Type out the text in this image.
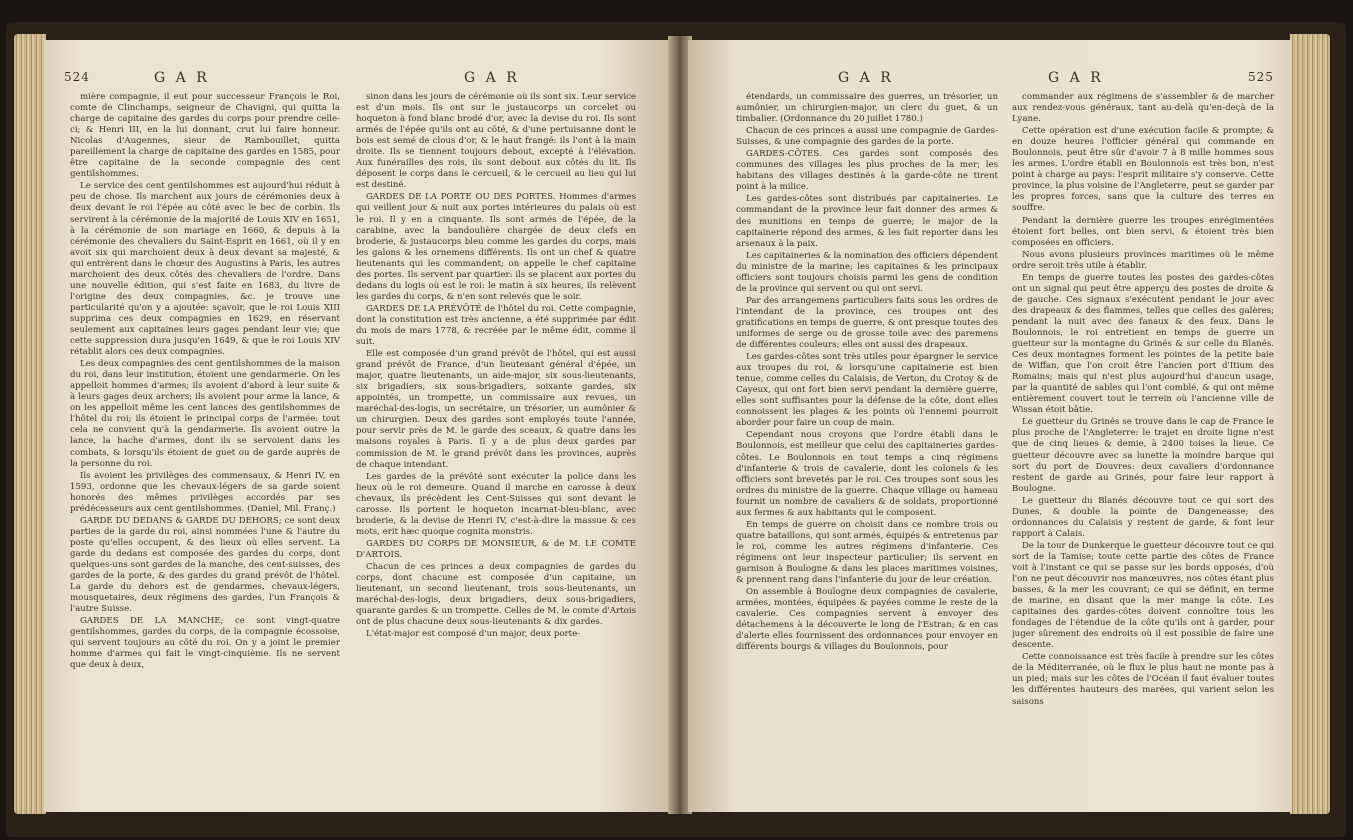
524	G A R	G A R

mière compagnie, il eut pour successeur François le Roi, comte de Clinchamps, seigneur de Chavigni, qui quitta la charge de capitaine des gardes du corps pour prendre celle-ci; & Henri III, en la lui donnant, crut lui faire honneur. Nicolas d'Augennes, sieur de Rambouillet, quitta pareillement la charge de capitaine des gardes en 1585, pour être capitaine de la seconde compagnie des cent gentilshommes.

Le service des cent gentilshommes est aujourd'hui réduit à peu de chose. Ils marchent aux jours de cérémonies deux à deux devant le roi l'épée au côté avec le bec de corbin. Ils servirent à la cérémonie de la majorité de Louis XIV en 1651, à la cérémonie de son mariage en 1660, & depuis à la cérémonie des chevaliers du Saint-Esprit en 1661, où il y en avoit six qui marchoient deux à deux devant sa majesté, & qui entrèrent dans le chœur des Augustins à Paris, les autres marchoient des deux côtés des chevaliers de l'ordre. Dans une nouvelle édition, qui s'est faite en 1683, du livre de l'origine des deux compagnies, &c. je trouve une particularité qu'on y a ajoutée: sçavoir, que le roi Louis XIII supprima ces deux compagnies en 1629, en réservant seulement aux capitaines leurs gages pendant leur vie; que cette suppression dura jusqu'en 1649, & que le roi Louis XIV rétablit alors ces deux compagnies.

Les deux compagnies des cent gentilshommes de la maison du roi, dans leur institution, étoient une gendarmerie. On les appelloit hommes d'armes; ils avoient d'abord à leur suite & à leurs gages deux archers; ils avoient pour arme la lance, & on les appelloit même les cent lances des gentilshommes de l'hôtel du roi; ils étoient le principal corps de l'armée: tout cela ne convient qu'à la gendarmerie. Ils avoient outre la lance, la hache d'armes, dont ils se servoient dans les combats, & lorsqu'ils étoient de guet ou de garde auprès de la personne du roi.

Ils avoient les privilèges des commensaux, & Henri IV, en 1593, ordonne que les chevaux-légers de sa garde soient honorés des mêmes privilèges accordés par ses prédécesseurs aux cent gentilshommes. (Daniel, Mil. Franç.)

GARDE DU DEDANS & GARDE DU DEHORS; ce sont deux parties de la garde du roi, ainsi nommées l'une & l'autre du poste qu'elles occupent, & des lieux où elles servent. La garde du dedans est composée des gardes du corps, dont quelques-uns sont gardes de la manche, des cent-suisses, des gardes de la porte, & des gardes du grand prévôt de l'hôtel. La garde du dehors est de gendarmes, chevaux-légers, mousquetaires, deux régimens des gardes, l'un François & l'autre Suisse.

GARDES DE LA MANCHE; ce sont vingt-quatre gentilshommes, gardes du corps, de la compagnie écossoise, qui servent toujours au côté du roi. On y a joint le premier homme d'armes qui fait le vingt-cinquième. Ils ne servent que deux à deux,

sinon dans les jours de cérémonie où ils sont six. Leur service est d'un mois. Ils ont sur le justaucorps un corcelet ou hoqueton à fond blanc brodé d'or, avec la devise du roi. Ils sont armés de l'épée qu'ils ont au côté, & d'une pertuisanne dont le bois est semé de clous d'or, & le haut frangé: ils l'ont à la main droite. Ils se tiennent toujours debout, excepté à l'élévation. Aux funérailles des rois, ils sont debout aux côtés du lit. Ils déposent le corps dans le cercueil, & le cercueil au lieu qui lui est destiné.

GARDES DE LA PORTE OU DES PORTES. Hommes d'armes qui veillent jour & nuit aux portes intérieures du palais où est le roi. Il y en a cinquante. Ils sont armés de l'épée, de la carabine, avec la bandoulière chargée de deux clefs en broderie, & justaucorps bleu comme les gardes du corps, mais les galons & les ornemens différents. Ils ont un chef & quatre lieutenants qui les commandent; on appelle le chef capitaine des portes. Ils servent par quartier: ils se placent aux portes du dedans du logis où est le roi: le matin à six heures, ils relèvent les gardes du corps, & n'en sont relevés que le soir.

GARDES DE LA PRÉVÔTÉ de l'hôtel du roi. Cette compagnie, dont la constitution est très ancienne, a été supprimée par édit du mois de mars 1778, & recréée par le même édit, comme il suit.

Elle est composée d'un grand prévôt de l'hôtel, qui est aussi grand prévôt de France, d'un lieutenant général d'épée, un major, quatre lieutenants, un aide-major, six sous-lieutenants, six brigadiers, six sous-brigadiers, soixante gardes, six appointés, un trompette, un commissaire aux revues, un maréchal-des-logis, un secrétaire, un trésorier, un aumônier & un chirurgien. Deux des gardes sont employés toute l'année, pour servir près de M. le garde des sceaux, & quatre dans les maisons royales à Paris. Il y a de plus deux gardes par commission de M. le grand prévôt dans les provinces, auprès de chaque intendant.

Les gardes de la prévôté sont exécuter la police dans les lieux où le roi demeure. Quand il marche en carosse à deux chevaux, ils précèdent les Cent-Suisses qui sont devant le carosse. Ils portent le hoqueton incarnat-bleu-blanc, avec broderie, & la devise de Henri IV, c'est-à-dire la massue & ces mots, erit hæc quoque cognita monstris.

GARDES DU CORPS DE MONSIEUR, & de M. LE COMTE D'ARTOIS.

Chacun de ces princes a deux compagnies de gardes du corps, dont chacune est composée d'un capitaine, un lieutenant, un second lieutenant, trois sous-lieutenants, un maréchal-des-logis, deux brigadiers, deux sous-brigadiers, quarante gardes & un trompette. Celles de M. le comte d'Artois ont de plus chacune deux sous-lieutenants & dix gardes.

L'état-major est composé d'un major, deux porte-

G A R	G A R	525

étendards, un commissaire des guerres, un trésorier, un aumônier, un chirurgien-major, un clerc du guet, & un timbalier. (Ordonnance du 20 juillet 1780.)

Chacun de ces princes a aussi une compagnie de Gardes-Suisses, & une compagnie des gardes de la porte.

GARDES-CÔTES. Ces gardes sont composés des communes des villages les plus proches de la mer; les habitans des villages destinés à la garde-côte ne tirent point à la milice.

Les gardes-côtes sont distribués par capitaineries. Le commandant de la province leur fait donner des armes & des munitions en temps de guerre; le major de la capitainerie répond des armes, & les fait reporter dans les arsenaux à la paix.

Les capitaineries & la nomination des officiers dépendent du ministre de la marine; les capitaines & les principaux officiers sont toujours choisis parmi les gens de condition de la province qui servent ou qui ont servi.

Par des arrangemens particuliers faits sous les ordres de l'intendant de la province, ces troupes ont des gratifications en temps de guerre, & ont presque toutes des uniformes de serge ou de grosse toile avec des paremens de différentes couleurs; elles ont aussi des drapeaux.

Les gardes-côtes sont très utiles pour épargner le service aux troupes du roi, & lorsqu'une capitainerie est bien tenue, comme celles du Calaisis, de Verton, du Crotoy & de Cayeux, qui ont fort bien servi pendant la dernière guerre, elles sont suffisantes pour la défense de la côte, dont elles connoissent les plages & les points où l'ennemi pourroit aborder pour faire un coup de main.

Cependant nous croyons que l'ordre établi dans le Boulonnois, est meilleur que celui des capitaineries gardes-côtes. Le Boulonnois en tout temps a cinq régimens d'infanterie & trois de cavalerie, dont les colonels & les officiers sont brevetés par le roi. Ces troupes sont sous les ordres du ministre de la guerre. Chaque village ou hameau fournit un nombre de cavaliers & de soldats, proportionné aux fermes & aux habitants qui le composent.

En temps de guerre on choisit dans ce nombre trois ou quatre bataillons, qui sont armés, équipés & entretenus par le roi, comme les autres régimens d'infanterie. Ces régimens ont leur inspecteur particulier; ils servent en garnison à Boulogne & dans les places maritimes voisines, & prennent rang dans l'infanterie du jour de leur création.

On assemble à Boulogne deux compagnies de cavalerie, armées, montées, équipées & payées comme le reste de la cavalerie. Ces compagnies servent à envoyer des détachemens à la découverte le long de l'Estran; & en cas d'alerte elles fournissent des ordonnances pour envoyer en différents bourgs & villages du Boulonnois, pour

commander aux régimens de s'assembler & de marcher aux rendez-vous généraux, tant au-delà qu'en-deçà de la Lyane.

Cette opération est d'une exécution facile & prompte; & en douze heures l'officier général qui commande en Boulonnois, peut être sûr d'avoir 7 à 8 mille hommes sous les armes. L'ordre établi en Boulonnois est très bon, n'est point à charge au pays: l'esprit militaire s'y conserve. Cette province, la plus voisine de l'Angleterre, peut se garder par les propres forces, sans que la culture des terres en souffre.

Pendant la dernière guerre les troupes enrégimentées étoient fort belles, ont bien servi, & étoient très bien composées en officiers.

Nous avons plusieurs provinces maritimes où le même ordre seroit très utile à établir.

En temps de guerre toutes les postes des gardes-côtes ont un signal qui peut être apperçu des postes de droite & de gauche. Ces signaux s'exécutent pendant le jour avec des drapeaux & des flammes, telles que celles des galères; pendant la nuit avec des fanaux & des feux. Dans le Boulonnois, le roi entretient en temps de guerre un guetteur sur la montagne du Grinés & sur celle du Blanés. Ces deux montagnes forment les pointes de la petite baie de Wiffan, que l'on croit être l'ancien port d'Itium des Romains; mais qui n'est plus aujourd'hui d'aucun usage, par la quantité de sables qui l'ont comblé, & qui ont même entièrement couvert tout le terrein où l'ancienne ville de Wissan étoit bâtie.

Le guetteur du Grinés se trouve dans le cap de France le plus proche de l'Angleterre: le trajet en droite ligne n'est que de cinq lieues & demie, à 2400 toises la lieue. Ce guetteur découvre avec sa lunette la moindre barque qui sort du port de Douvres: deux cavaliers d'ordonnance restent de garde au Grinés, pour faire leur rapport à Boulogne.

Le guetteur du Blanés découvre tout ce qui sort des Dunes, & double la pointe de Dangeneasse; des ordonnances du Calaisis y restent de garde, & font leur rapport à Calais.

De la tour de Dunkerque le guetteur découvre tout ce qui sort de la Tamise; toute cette partie des côtes de France voit à l'instant ce qui se passe sur les bords opposés, d'où l'on ne peut découvrir nos manœuvres, nos côtes étant plus basses, & la mer les couvrant; ce qui se définit, en terme de marine, en disant que la mer mange la côte. Les capitaines des gardes-côtes doivent connoître tous les fondages de l'étendue de la côte qu'ils ont à garder, pour juger sûrement des endroits où il est possible de faire une descente.

Cette connoissance est très facile à prendre sur les côtes de la Méditerranée, où le flux le plus haut ne monte pas à un pied; mais sur les côtes de l'Océan il faut évaluer toutes les différentes hauteurs des marées, qui varient selon les saisons
